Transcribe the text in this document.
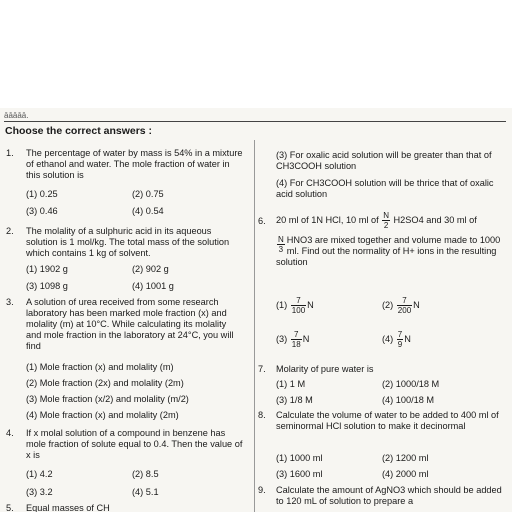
āāāāā.
Choose the correct answers :
1. The percentage of water by mass is 54% in a mixture of ethanol and water. The mole fraction of water in this solution is
(1) 0.25	(2) 0.75
(3) 0.46	(4) 0.54
2. The molality of a sulphuric acid in its aqueous solution is 1 mol/kg. The total mass of the solution which contains 1 kg of solvent.
(1) 1902 g	(2) 902 g
(3) 1098 g	(4) 1001 g
3. A solution of urea received from some research laboratory has been marked mole fraction (x) and molality (m) at 10°C. While calculating its molality and mole fraction in the laboratory at 24°C, you will find
(1) Mole fraction (x) and molality (m)
(2) Mole fraction (2x) and molality (2m)
(3) Mole fraction (x/2) and molality (m/2)
(4) Mole fraction (x) and molality (2m)
4. If x molal solution of a compound in benzene has mole fraction of solute equal to 0.4. Then the value of x is
(1) 4.2	(2) 8.5
(3) 3.2	(4) 5.1
5. Equal masses of CH
(3) For oxalic acid solution will be greater than that of CH3COOH solution
(4) For CH3COOH solution will be thrice that of oxalic acid solution
6. 20 ml of 1N HCl, 10 ml of $\frac{N}{2} H2SO4$ and 30 ml of
$\frac{N}{3} HNO3$ are mixed together and volume made to 1000 ml. Find out the normality of H+ ions in the resulting solution
$(1) \frac{7}{100}$ N	$(2) \frac{7}{200}$ N
$(3) \frac{7}{18}$ N	$(4) \frac{7}{9}$ N
7. Molarity of pure water is
(1) 1 M	(2) 1000/18 M
(3) 1/8 M	(4) 100/18 M
8. Calculate the volume of water to be added to 400 ml of seminormal HCl solution to make it decinormal
(1) 1000 ml	(2) 1200 ml
(3) 1600 ml	(4) 2000 ml
9. Calculate the amount of AgNO3 which should be added to 120 mL of solution to prepare a
